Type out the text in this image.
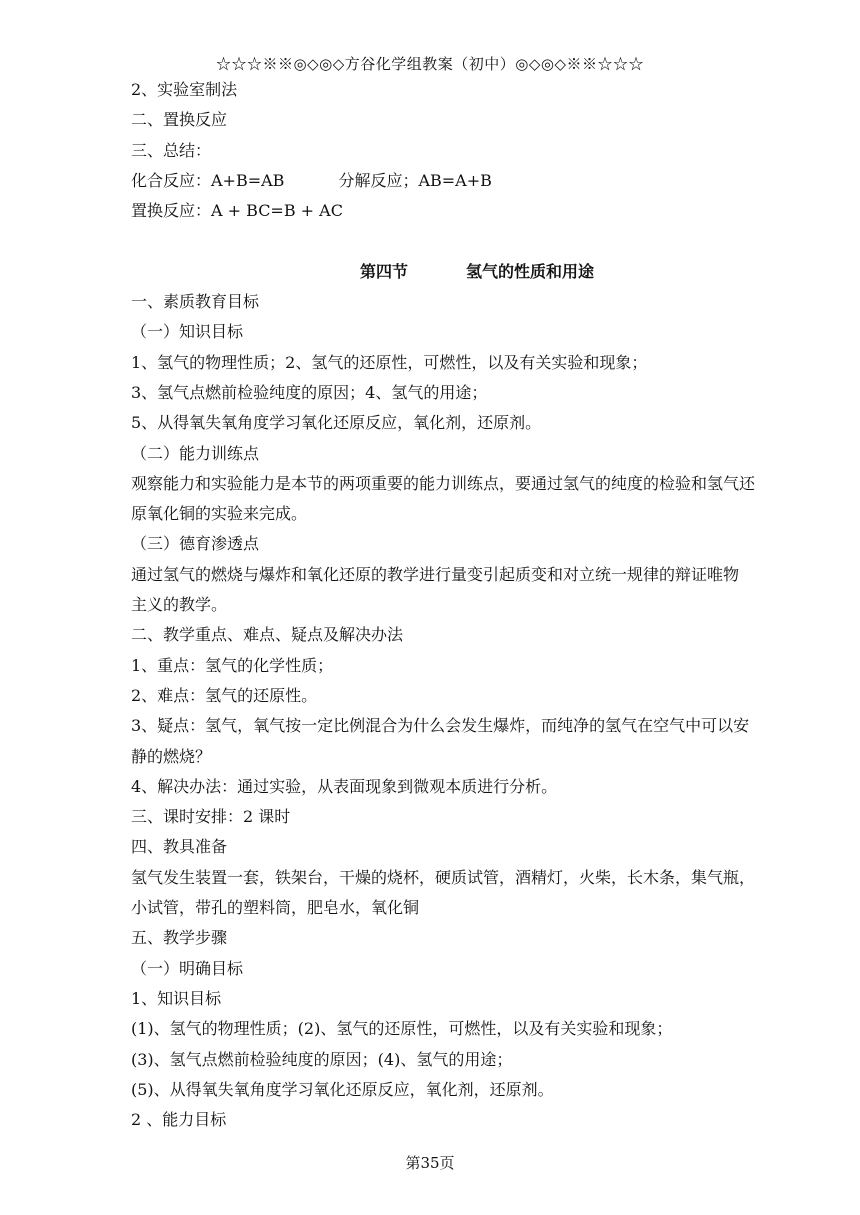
☆☆☆※※◎◇◎◇方谷化学组教案（初中）◎◇◎◇※※☆☆☆
2、实验室制法
二、置换反应
三、总结：
化合反应：A+B=AB	分解反应；AB=A+B
置换反应：A + BC=B + AC
第四节	氢气的性质和用途
一、素质教育目标
（一）知识目标
1、氢气的物理性质；2、氢气的还原性，可燃性，以及有关实验和现象；
3、氢气点燃前检验纯度的原因；4、氢气的用途；
5、从得氧失氧角度学习氧化还原反应，氧化剂，还原剂。
（二）能力训练点
观察能力和实验能力是本节的两项重要的能力训练点，要通过氢气的纯度的检验和氢气还
原氧化铜的实验来完成。
（三）德育渗透点
通过氢气的燃烧与爆炸和氧化还原的教学进行量变引起质变和对立统一规律的辩证唯物
主义的教学。
二、教学重点、难点、疑点及解决办法
1、重点：氢气的化学性质；
2、难点：氢气的还原性。
3、疑点：氢气，氧气按一定比例混合为什么会发生爆炸，而纯净的氢气在空气中可以安
静的燃烧？
4、解决办法：通过实验，从表面现象到微观本质进行分析。
三、课时安排：2 课时
四、教具准备
氢气发生装置一套，铁架台，干燥的烧杯，硬质试管，酒精灯，火柴，长木条，集气瓶，
小试管，带孔的塑料筒，肥皂水，氧化铜
五、教学步骤
（一）明确目标
1、知识目标
(1)、氢气的物理性质；(2)、氢气的还原性，可燃性，以及有关实验和现象；
(3)、氢气点燃前检验纯度的原因；(4)、氢气的用途；
(5)、从得氧失氧角度学习氧化还原反应，氧化剂，还原剂。
2 、能力目标
第35页
